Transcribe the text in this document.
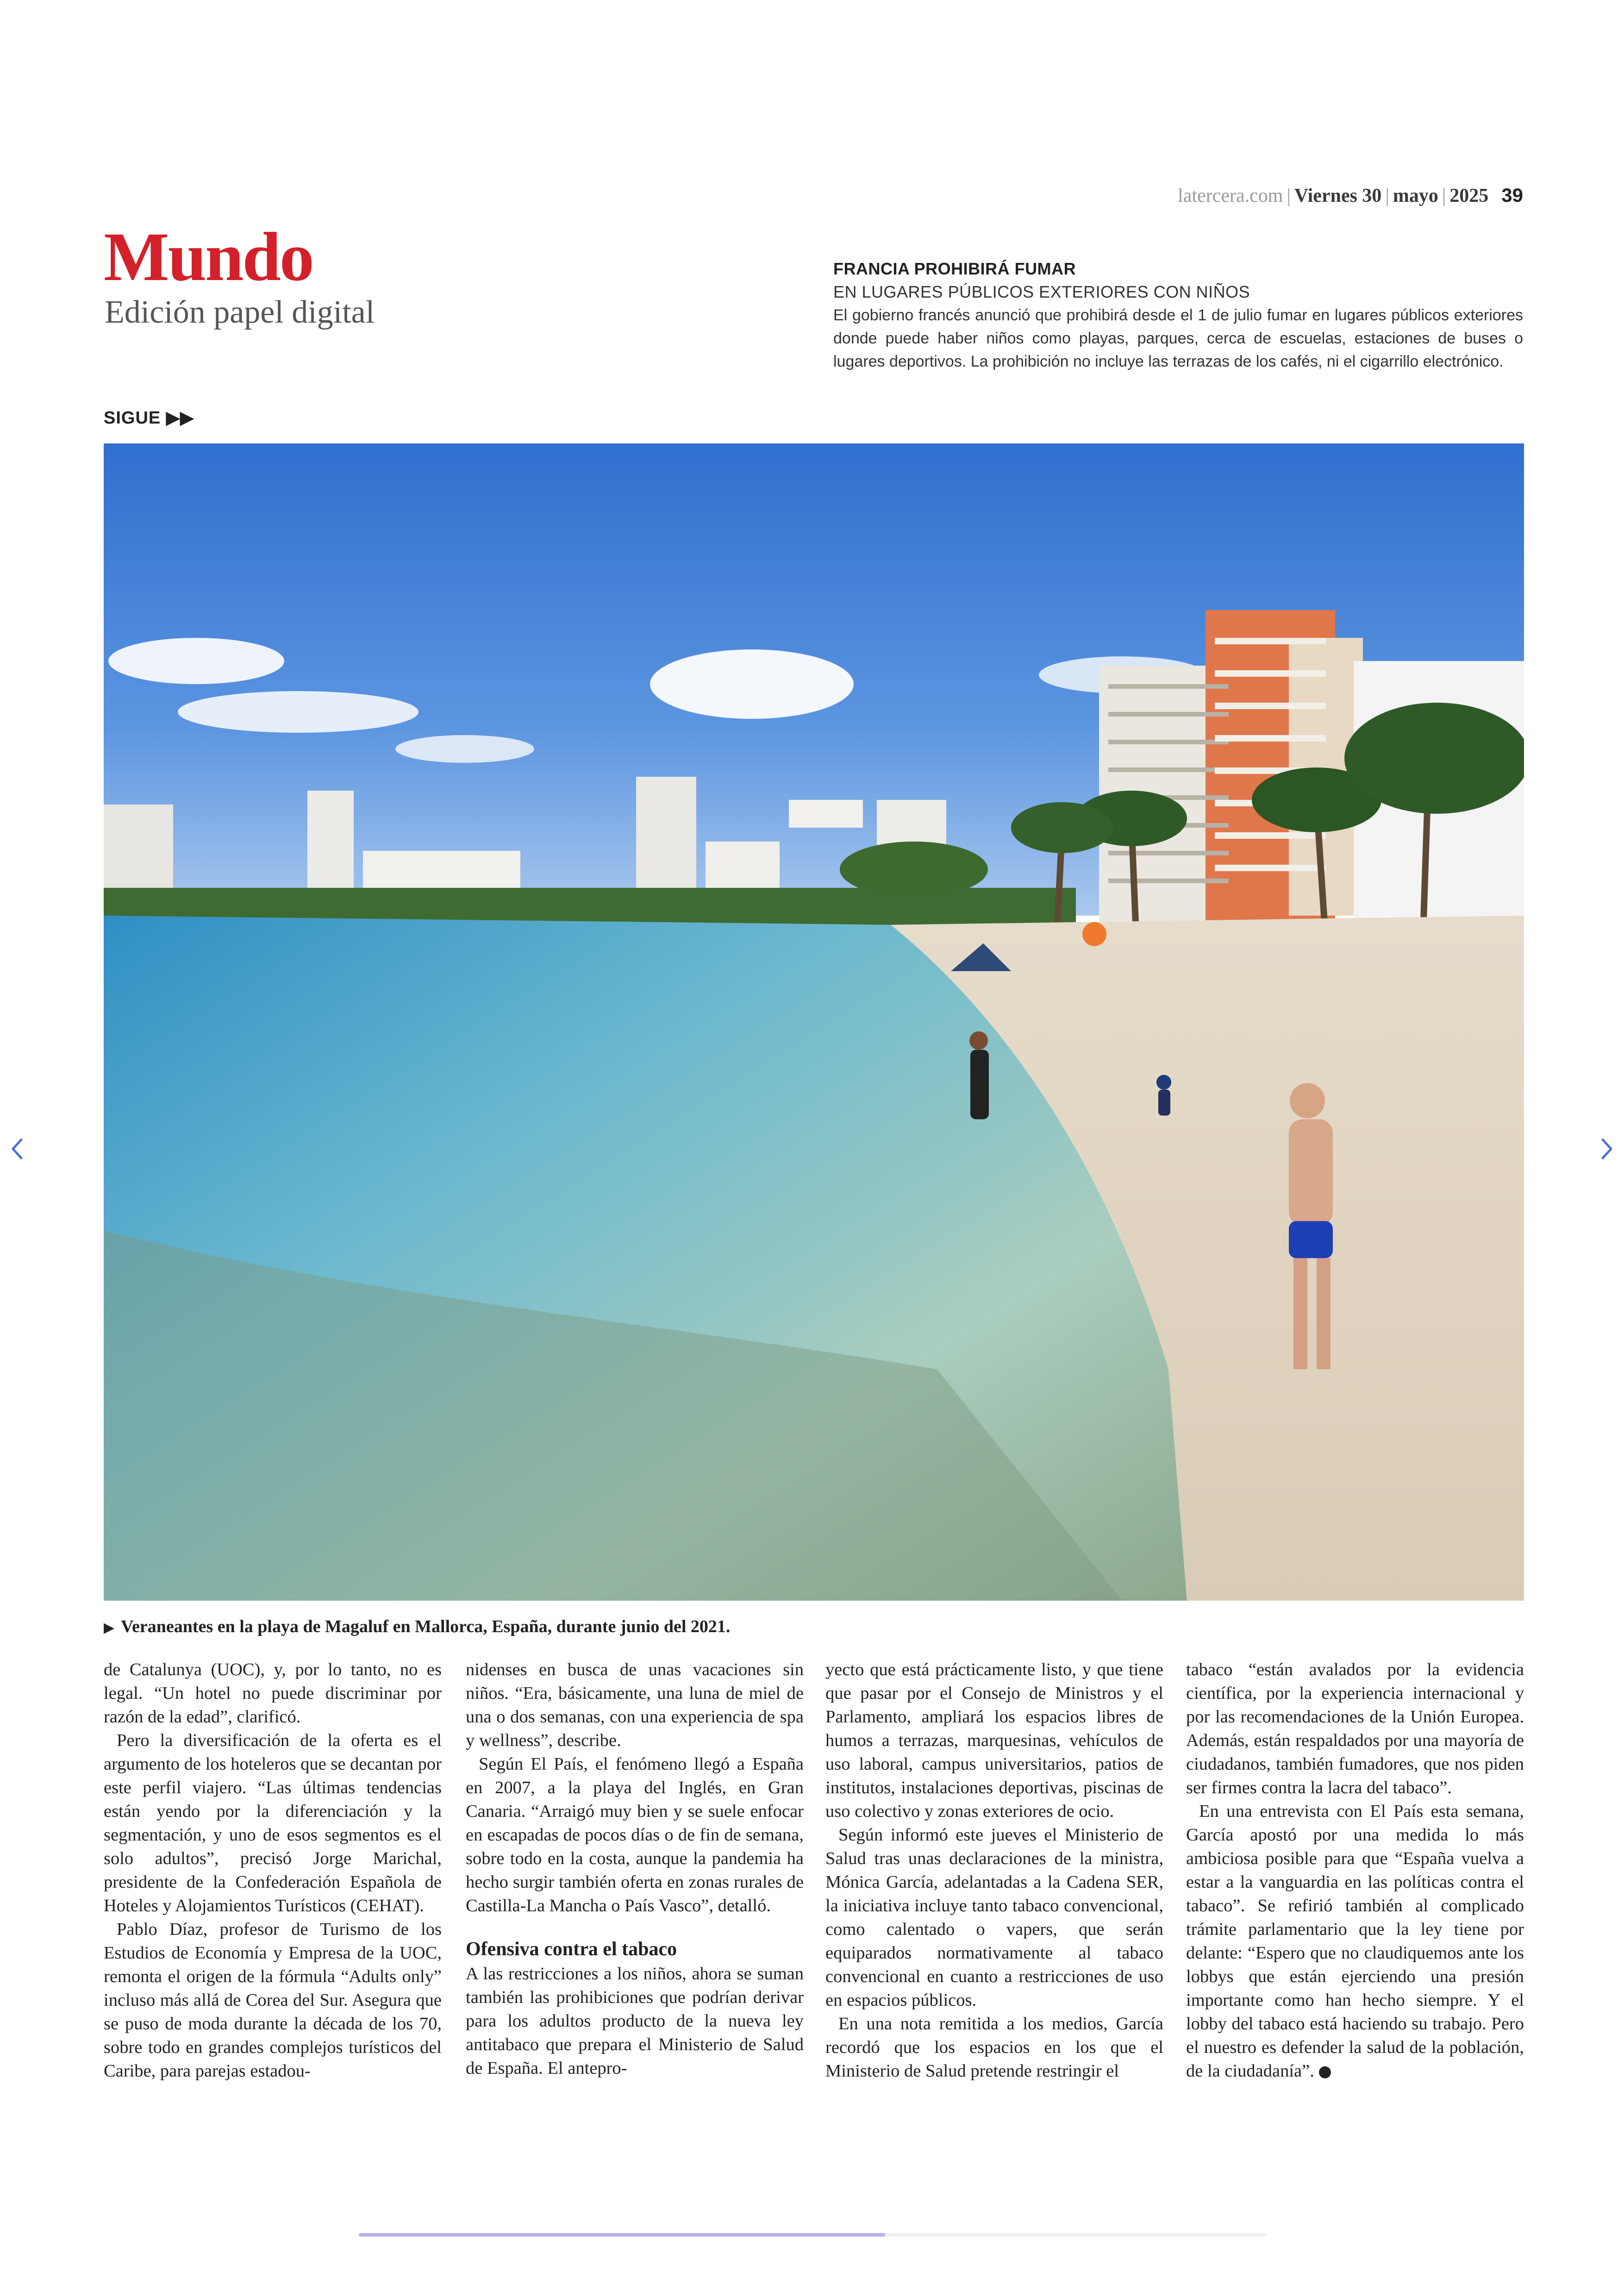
latercera.com | Viernes 30 | mayo | 2025 39
Mundo
Edición papel digital
FRANCIA PROHIBIRÁ FUMAR
EN LUGARES PÚBLICOS EXTERIORES CON NIÑOS
El gobierno francés anunció que prohibirá desde el 1 de julio fumar en lugares públicos exteriores donde puede haber niños como playas, parques, cerca de escuelas, estaciones de buses o lugares deportivos. La prohibición no incluye las terrazas de los cafés, ni el cigarrillo electrónico.
SIGUE ▶▶
▶ Veraneantes en la playa de Magaluf en Mallorca, España, durante junio del 2021.

de Catalunya (UOC), y, por lo tanto, no es legal. “Un hotel no puede discriminar por razón de la edad”, clarificó.

Pero la diversificación de la oferta es el argumento de los hoteleros que se decantan por este perfil viajero. “Las últimas tendencias están yendo por la diferenciación y la segmentación, y uno de esos segmentos es el solo adultos”, precisó Jorge Marichal, presidente de la Confederación Española de Hoteles y Alojamientos Turísticos (CEHAT).

Pablo Díaz, profesor de Turismo de los Estudios de Economía y Empresa de la UOC, remonta el origen de la fórmula “Adults only” incluso más allá de Corea del Sur. Asegura que se puso de moda durante la década de los 70, sobre todo en grandes complejos turísticos del Caribe, para parejas estadou-

nidenses en busca de unas vacaciones sin niños. “Era, básicamente, una luna de miel de una o dos semanas, con una experiencia de spa y wellness”, describe.

Según El País, el fenómeno llegó a España en 2007, a la playa del Inglés, en Gran Canaria. “Arraigó muy bien y se suele enfocar en escapadas de pocos días o de fin de semana, sobre todo en la costa, aunque la pandemia ha hecho surgir también oferta en zonas rurales de Castilla-La Mancha o País Vasco”, detalló.

Ofensiva contra el tabaco

A las restricciones a los niños, ahora se suman también las prohibiciones que podrían derivar para los adultos producto de la nueva ley antitabaco que prepara el Ministerio de Salud de España. El antepro-

yecto que está prácticamente listo, y que tiene que pasar por el Consejo de Ministros y el Parlamento, ampliará los espacios libres de humos a terrazas, marquesinas, vehículos de uso laboral, campus universitarios, patios de institutos, instalaciones deportivas, piscinas de uso colectivo y zonas exteriores de ocio.

Según informó este jueves el Ministerio de Salud tras unas declaraciones de la ministra, Mónica García, adelantadas a la Cadena SER, la iniciativa incluye tanto tabaco convencional, como calentado o vapers, que serán equiparados normativamente al tabaco convencional en cuanto a restricciones de uso en espacios públicos.

En una nota remitida a los medios, García recordó que los espacios en los que el Ministerio de Salud pretende restringir el

tabaco “están avalados por la evidencia científica, por la experiencia internacional y por las recomendaciones de la Unión Europea. Además, están respaldados por una mayoría de ciudadanos, también fumadores, que nos piden ser firmes contra la lacra del tabaco”.

En una entrevista con El País esta semana, García apostó por una medida lo más ambiciosa posible para que “España vuelva a estar a la vanguardia en las políticas contra el tabaco”. Se refirió también al complicado trámite parlamentario que la ley tiene por delante: “Espero que no claudiquemos ante los lobbys que están ejerciendo una presión importante como han hecho siempre. Y el lobby del tabaco está haciendo su trabajo. Pero el nuestro es defender la salud de la población, de la ciudadanía”.
